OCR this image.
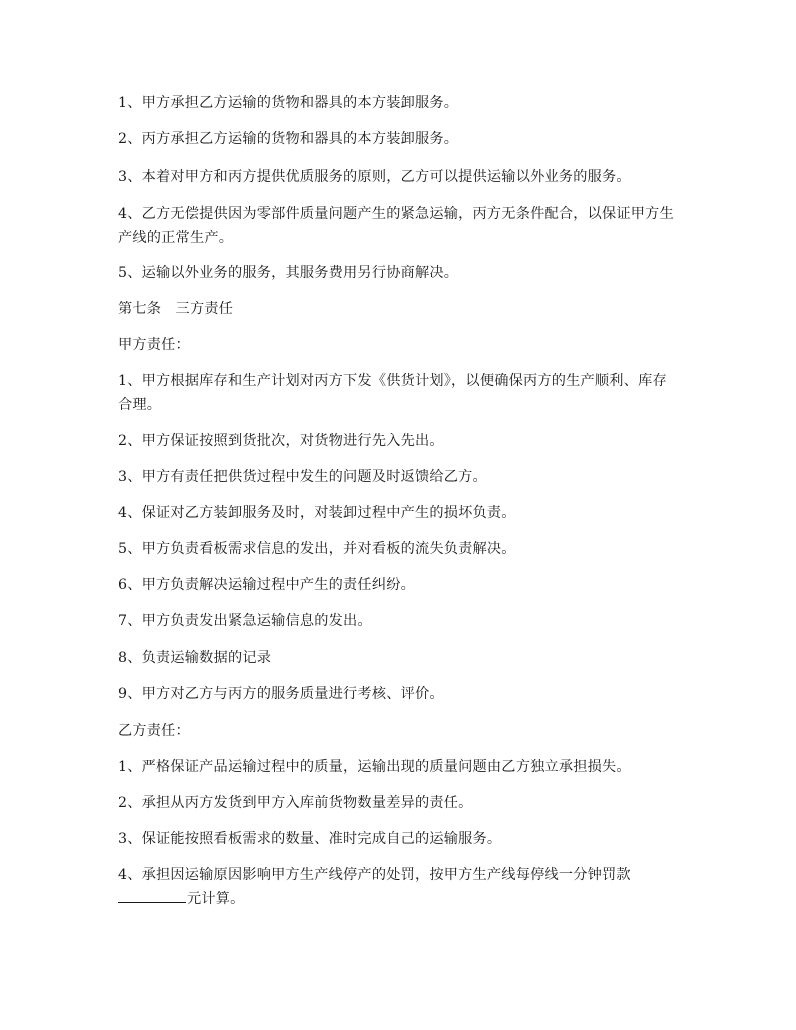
1、甲方承担乙方运输的货物和器具的本方装卸服务。

2、丙方承担乙方运输的货物和器具的本方装卸服务。

3、本着对甲方和丙方提供优质服务的原则，乙方可以提供运输以外业务的服务。

4、乙方无偿提供因为零部件质量问题产生的紧急运输，丙方无条件配合，以保证甲方生产线的正常生产。

5、运输以外业务的服务，其服务费用另行协商解决。

第七条　三方责任

甲方责任：

1、甲方根据库存和生产计划对丙方下发《供货计划》，以便确保丙方的生产顺利、库存合理。

2、甲方保证按照到货批次，对货物进行先入先出。

3、甲方有责任把供货过程中发生的问题及时返馈给乙方。

4、保证对乙方装卸服务及时，对装卸过程中产生的损坏负责。

5、甲方负责看板需求信息的发出，并对看板的流失负责解决。

6、甲方负责解决运输过程中产生的责任纠纷。

7、甲方负责发出紧急运输信息的发出。

8、负责运输数据的记录

9、甲方对乙方与丙方的服务质量进行考核、评价。

乙方责任：

1、严格保证产品运输过程中的质量，运输出现的质量问题由乙方独立承担损失。

2、承担从丙方发货到甲方入库前货物数量差异的责任。

3、保证能按照看板需求的数量、准时完成自己的运输服务。

4、承担因运输原因影响甲方生产线停产的处罚，按甲方生产线每停线一分钟罚款
元计算。
